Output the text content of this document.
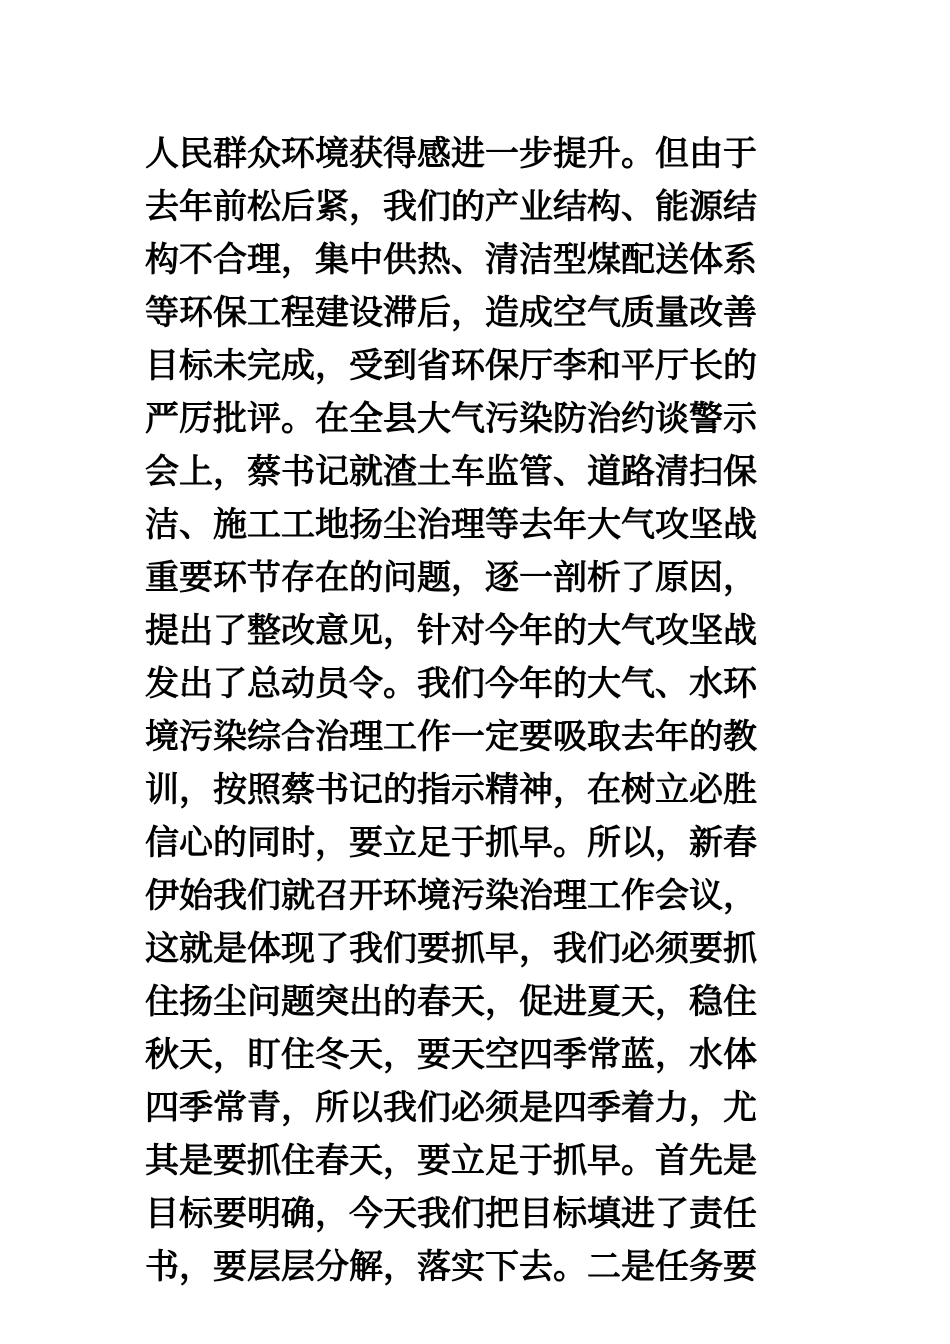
人民群众环境获得感进一步提升。但由于
去年前松后紧，我们的产业结构、能源结
构不合理，集中供热、清洁型煤配送体系
等环保工程建设滞后，造成空气质量改善
目标未完成，受到省环保厅李和平厅长的
严厉批评。在全县大气污染防治约谈警示
会上，蔡书记就渣土车监管、道路清扫保
洁、施工工地扬尘治理等去年大气攻坚战
重要环节存在的问题，逐一剖析了原因，
提出了整改意见，针对今年的大气攻坚战
发出了总动员令。我们今年的大气、水环
境污染综合治理工作一定要吸取去年的教
训，按照蔡书记的指示精神，在树立必胜
信心的同时，要立足于抓早。所以，新春
伊始我们就召开环境污染治理工作会议，
这就是体现了我们要抓早，我们必须要抓
住扬尘问题突出的春天，促进夏天，稳住
秋天，盯住冬天，要天空四季常蓝，水体
四季常青，所以我们必须是四季着力，尤
其是要抓住春天，要立足于抓早。首先是
目标要明确，今天我们把目标填进了责任
书，要层层分解，落实下去。二是任务要
